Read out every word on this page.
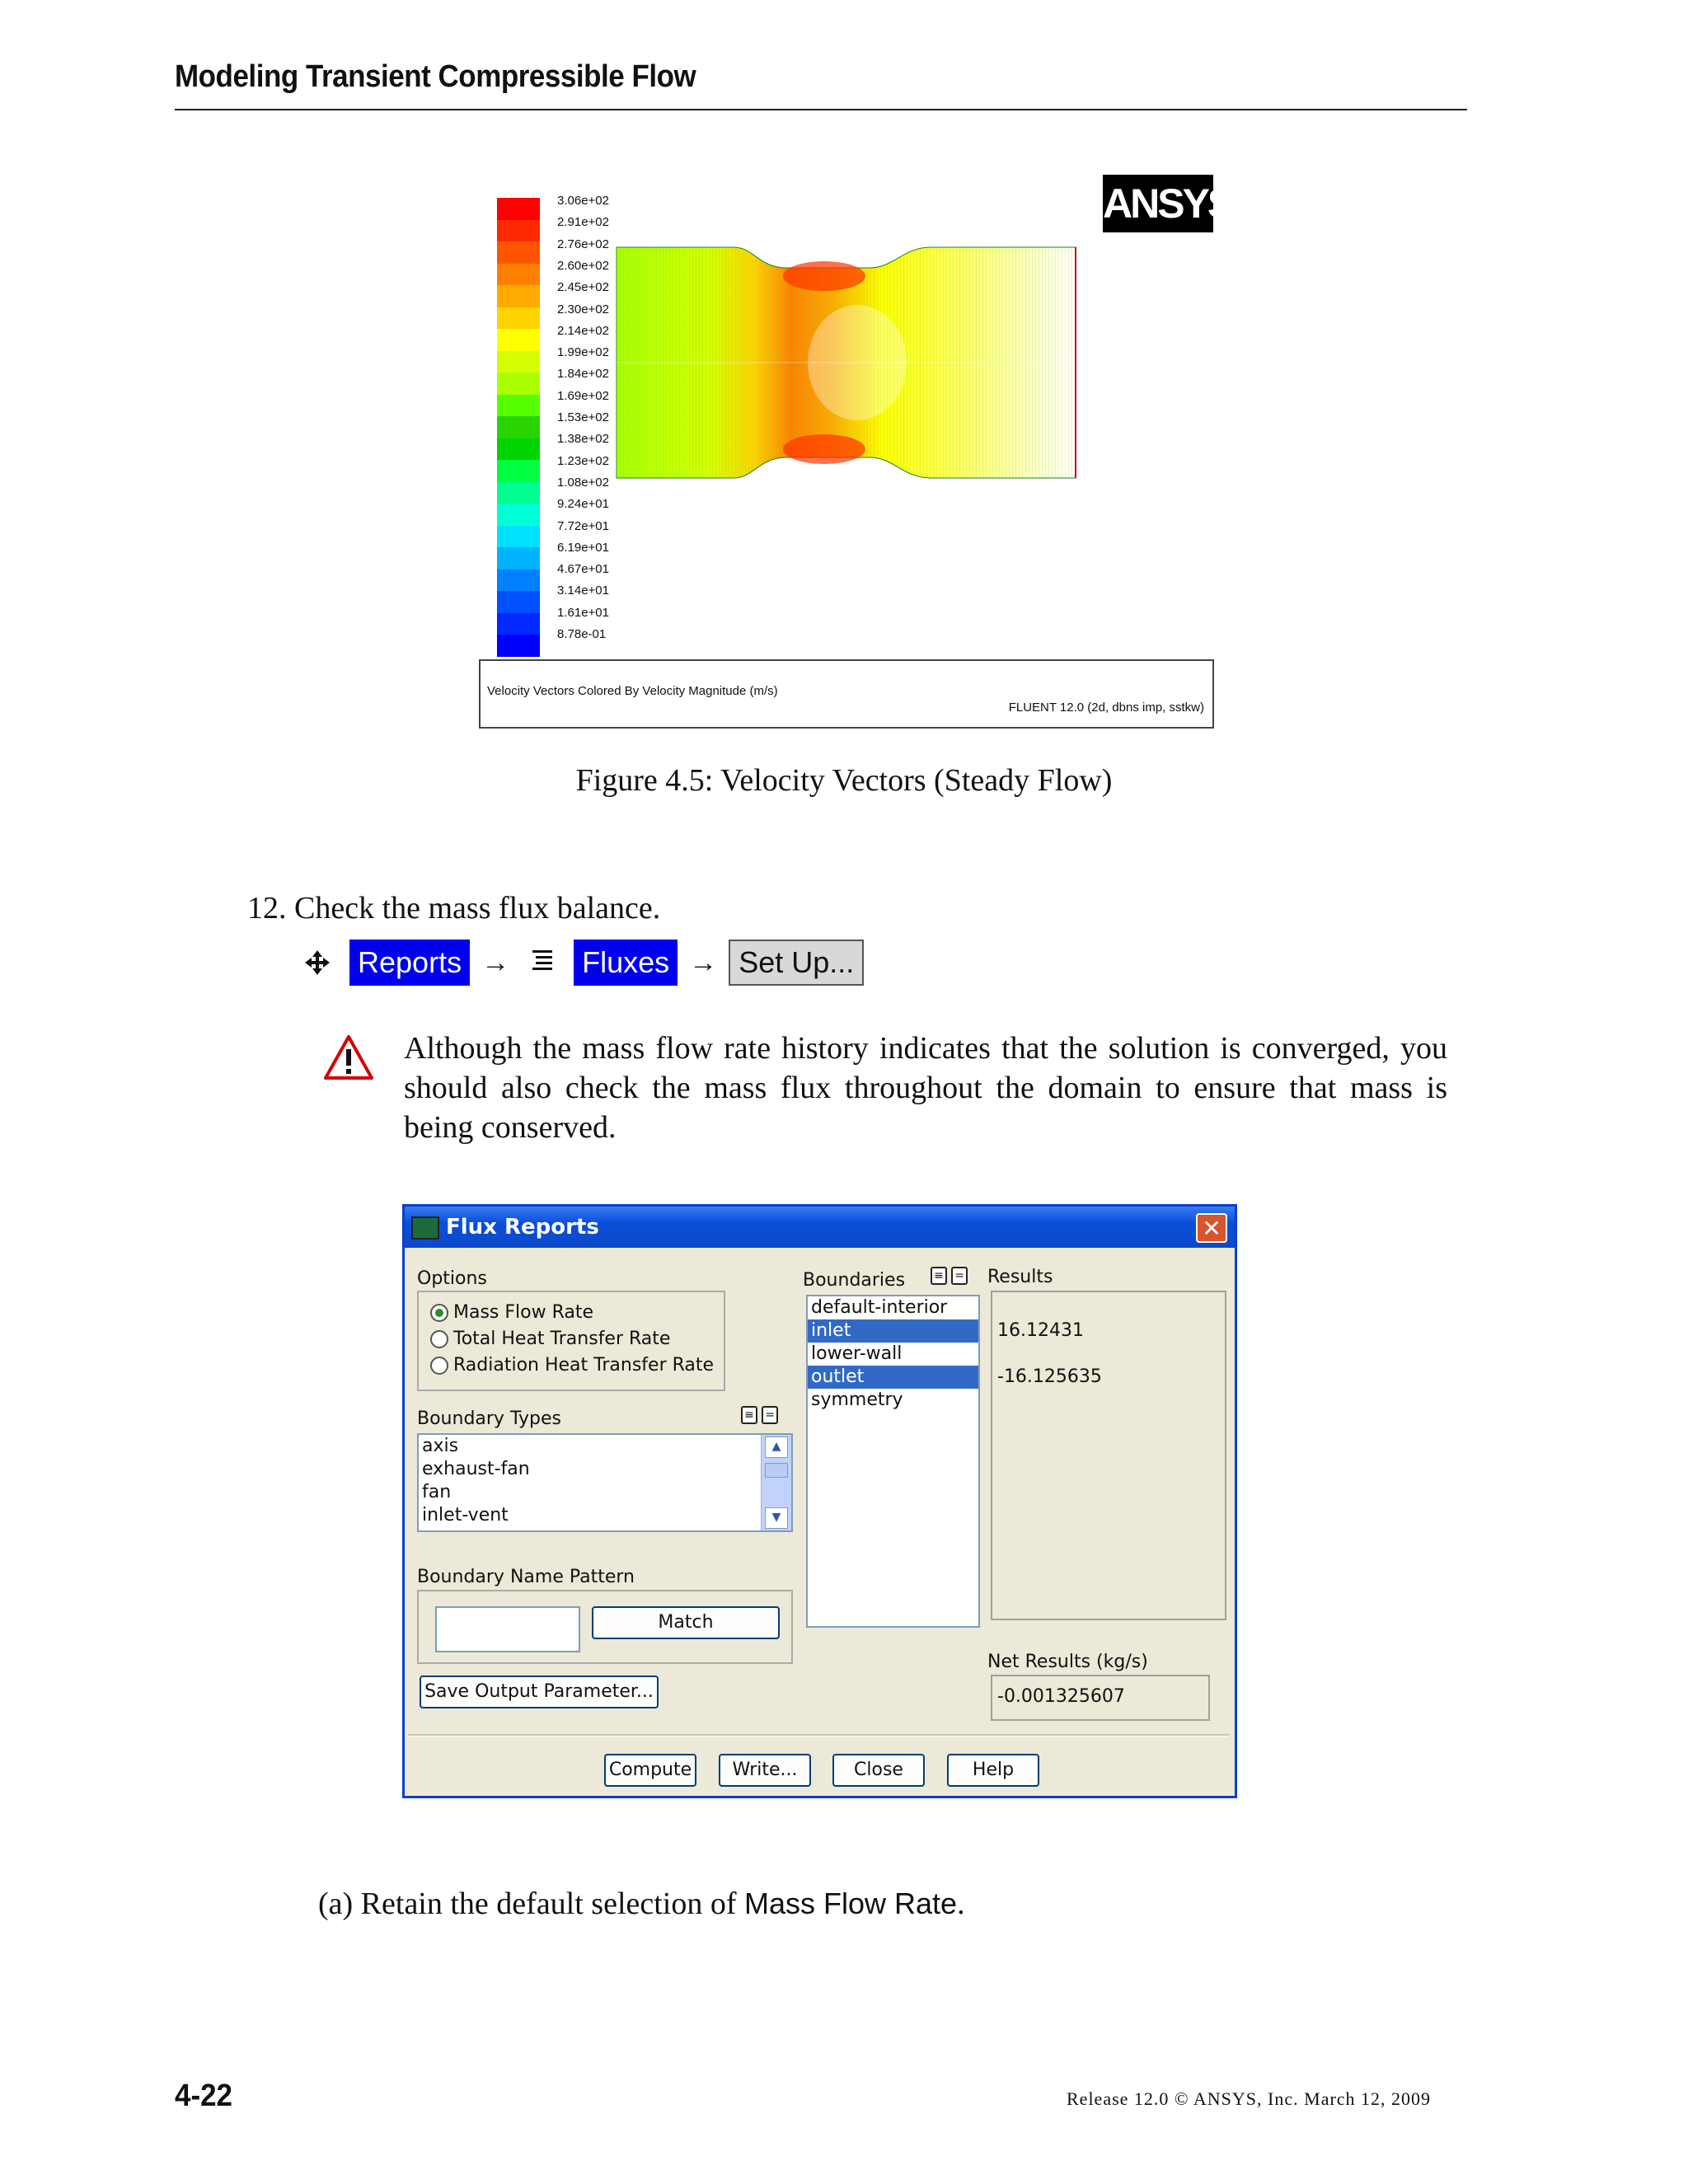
Modeling Transient Compressible Flow
3.06e+02
2.91e+02
2.76e+02
2.60e+02
2.45e+02
2.30e+02
2.14e+02
1.99e+02
1.84e+02
1.69e+02
1.53e+02
1.38e+02
1.23e+02
1.08e+02
9.24e+01
7.72e+01
6.19e+01
4.67e+01
3.14e+01
1.61e+01
8.78e-01
ANSYS
Velocity Vectors Colored By Velocity Magnitude (m/s)
FLUENT 12.0 (2d, dbns imp, sstkw)
Figure 4.5: Velocity Vectors (Steady Flow)
12. Check the mass flux balance.
Reports → Fluxes → Set Up...
Although the mass flow rate history indicates that the solution is converged, you should also check the mass flux throughout the domain to ensure that mass is being conserved.
Flux Reports	✕
Options
Mass Flow Rate
Total Heat Transfer Rate
Radiation Heat Transfer Rate
Boundary Types	≡ =
axis
exhaust-fan
fan
inlet-vent
▲
▼
Boundary Name Pattern
Match
Save Output Parameter...
Boundaries	≡ =
default-interior
inlet
lower-wall
outlet
symmetry
Results
16.12431
-16.125635
Net Results (kg/s)
-0.001325607
Compute	Write...	Close	Help
(a) Retain the default selection of Mass Flow Rate.
4-22	Release 12.0 © ANSYS, Inc. March 12, 2009
